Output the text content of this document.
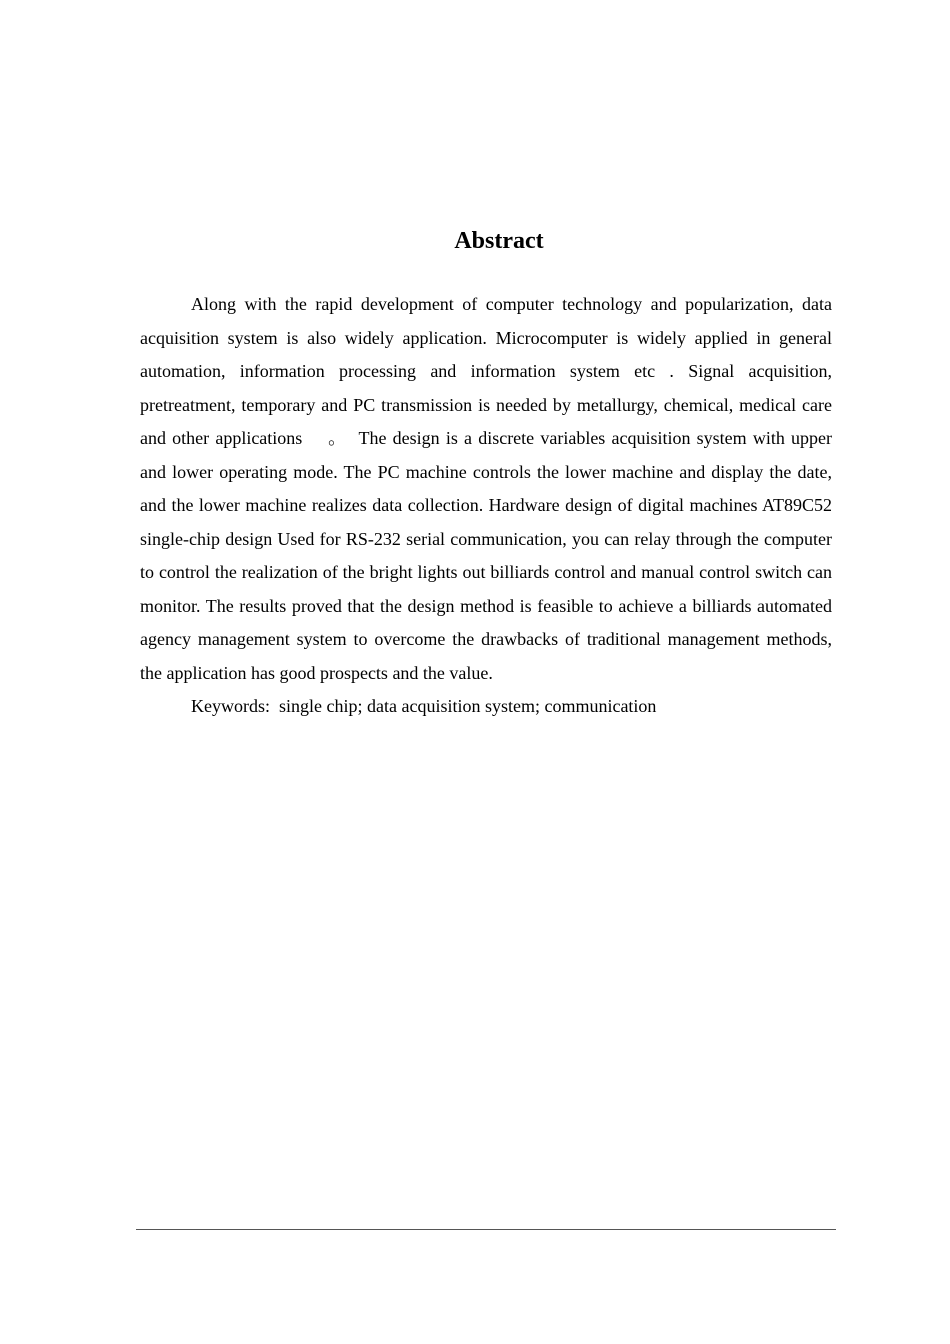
Abstract

Along with the rapid development of computer technology and popularization, data acquisition system is also widely application. Microcomputer is widely applied in general automation, information processing and information system etc . Signal acquisition, pretreatment, temporary and PC transmission is needed by metallurgy, chemical, medical care and other applications 　。　The design is a discrete variables acquisition system with upper and lower operating mode. The PC machine controls the lower machine and display the date, and the lower machine realizes data collection. Hardware design of digital machines AT89C52 single-chip design Used for RS-232 serial communication, you can relay through the computer to control the realization of the bright lights out billiards control and manual control switch can monitor. The results proved that the design method is feasible to achieve a billiards automated agency management system to overcome the drawbacks of traditional management methods, the application has good prospects and the value.

Keywords: single chip; data acquisition system; communication
